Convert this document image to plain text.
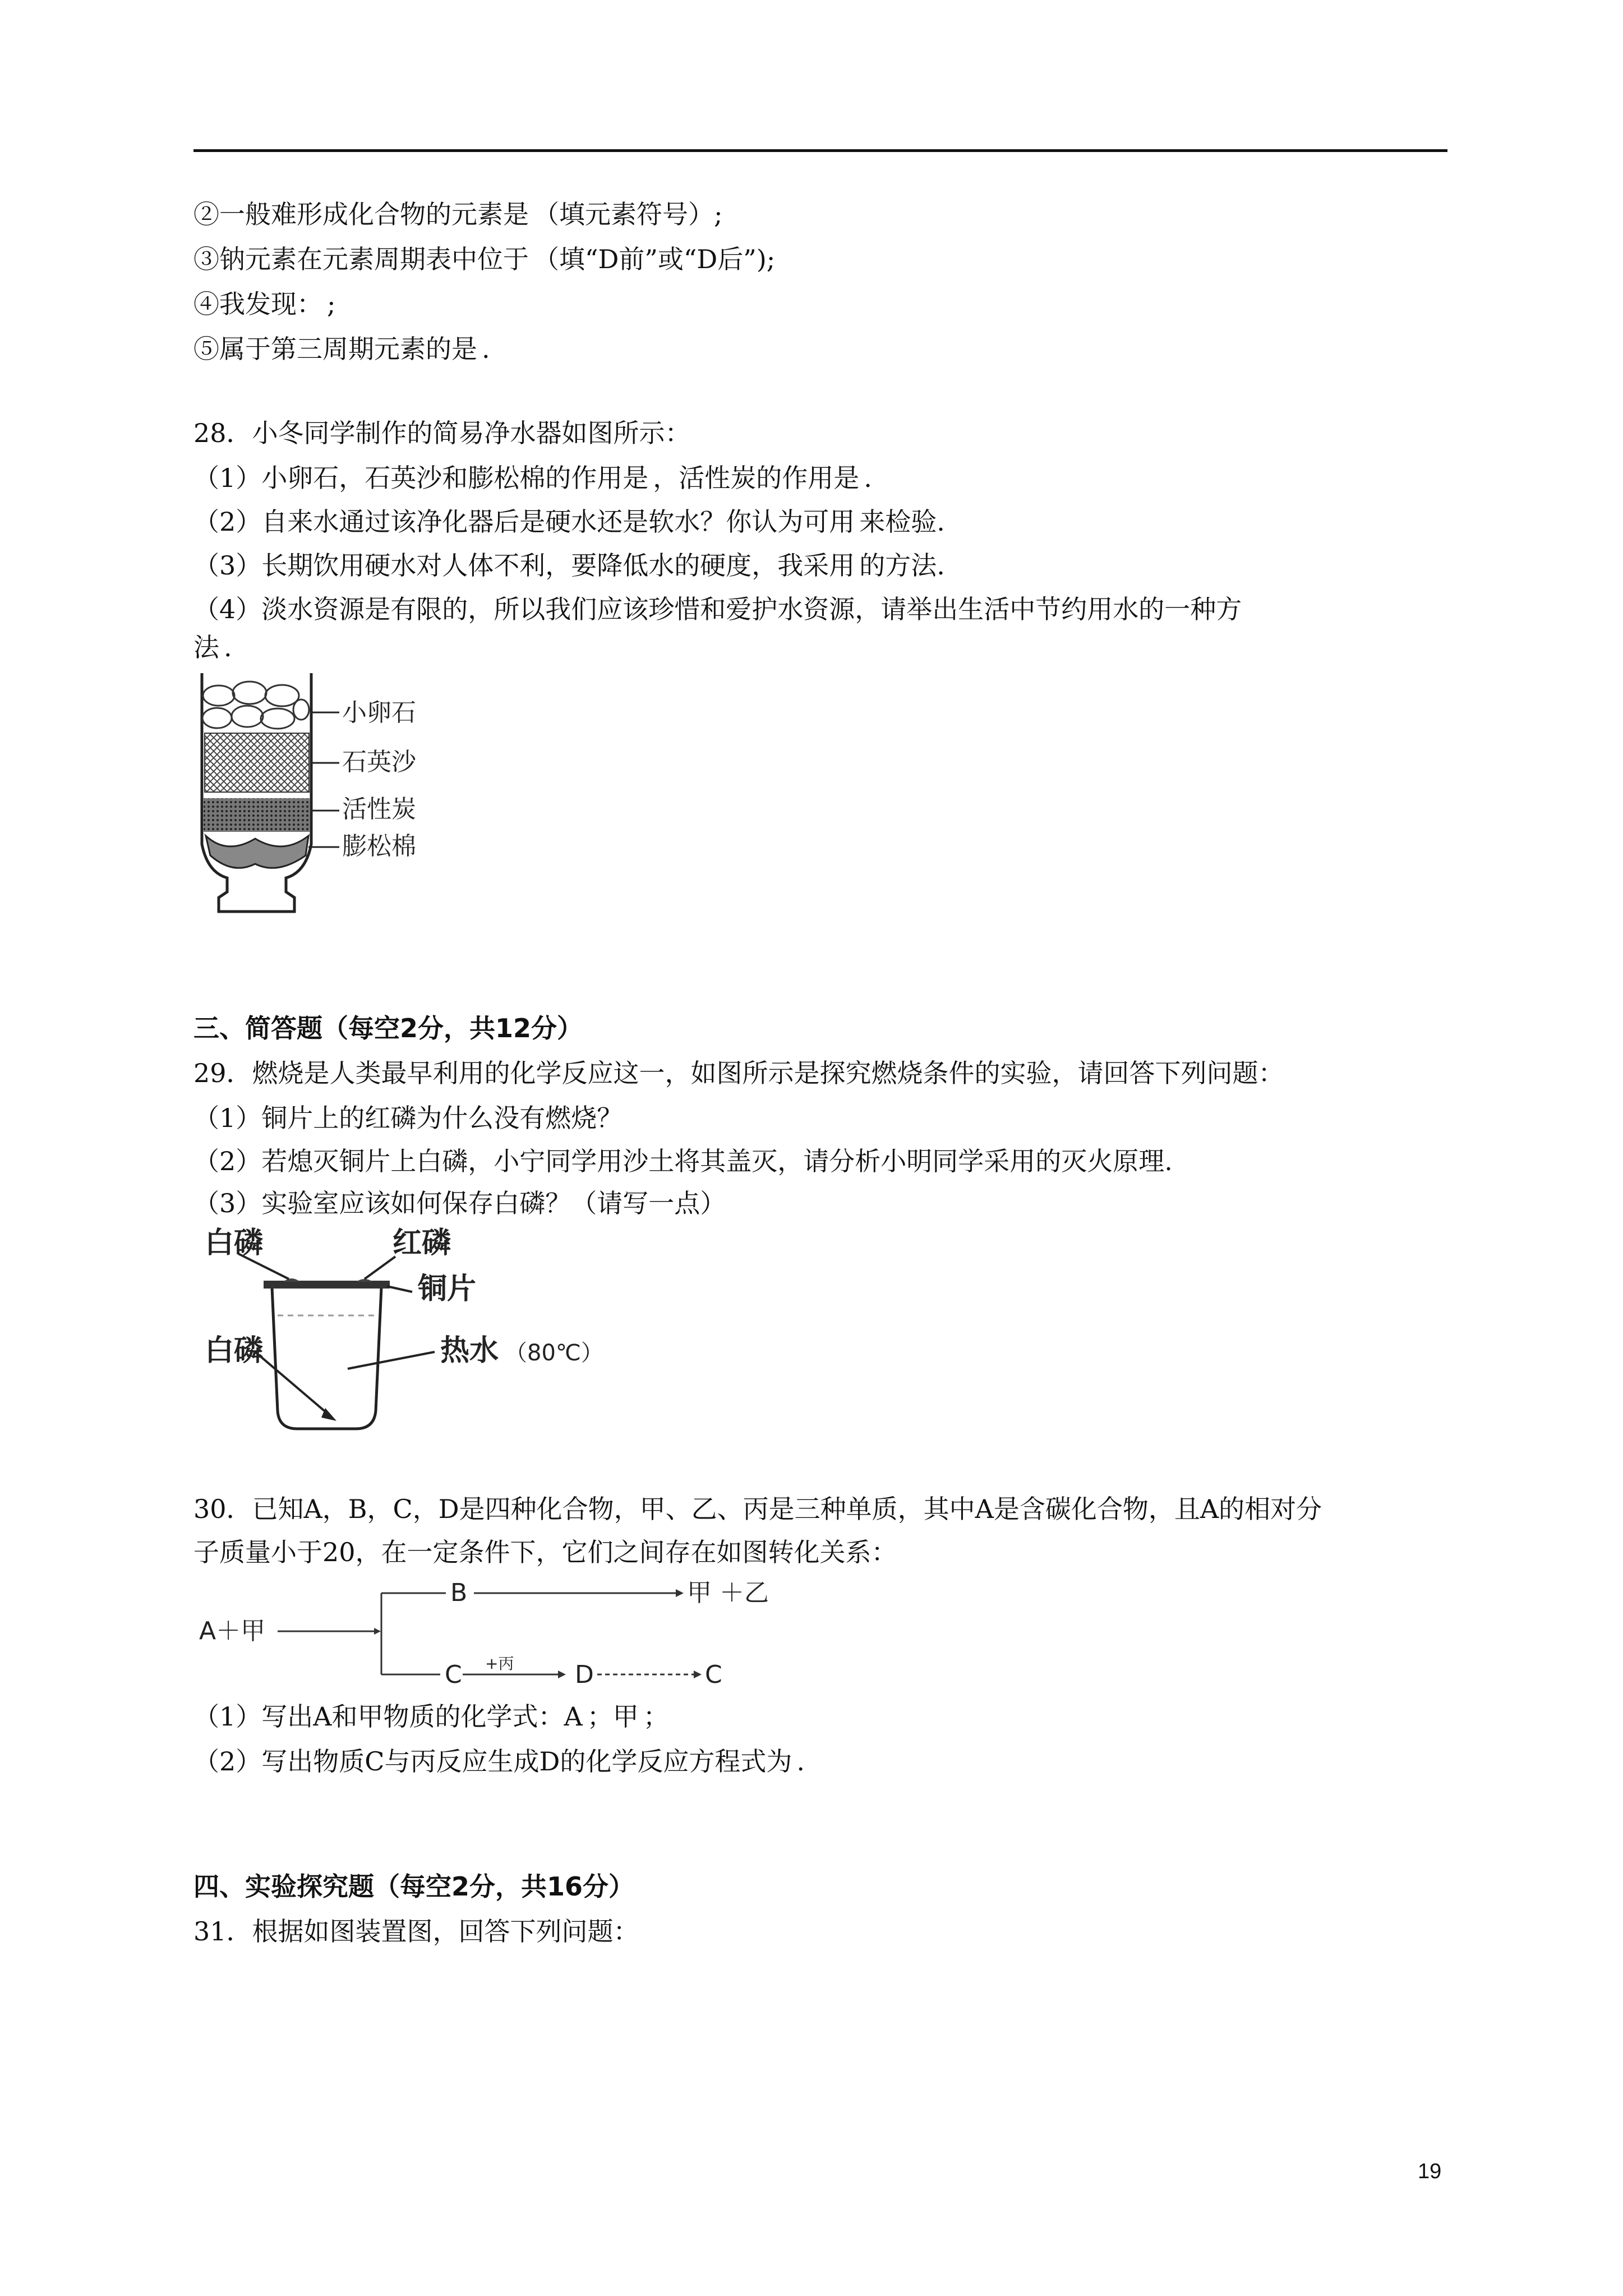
②一般难形成化合物的元素是 （填元素符号）;
③钠元素在元素周期表中位于 （填“D前”或“D后”);
④我发现： ;
⑤属于第三周期元素的是 .
28．小冬同学制作的简易净水器如图所示：
（1）小卵石，石英沙和膨松棉的作用是 ，活性炭的作用是 .
（2）自来水通过该净化器后是硬水还是软水？你认为可用 来检验.
（3）长期饮用硬水对人体不利，要降低水的硬度，我采用 的方法.
（4）淡水资源是有限的，所以我们应该珍惜和爱护水资源，请举出生活中节约用水的一种方
法 .
小卵石
石英沙
活性炭
膨松棉
三、简答题（每空2分，共12分）
29．燃烧是人类最早利用的化学反应这一，如图所示是探究燃烧条件的实验，请回答下列问题：
（1）铜片上的红磷为什么没有燃烧？
（2）若熄灭铜片上白磷，小宁同学用沙土将其盖灭，请分析小明同学采用的灭火原理.
（3）实验室应该如何保存白磷？（请写一点）
白磷	红磷
铜片
白磷	热水 （80℃）
30．已知A，B，C，D是四种化合物，甲、乙、丙是三种单质，其中A是含碳化合物，且A的相对分
子质量小于20，在一定条件下，它们之间存在如图转化关系：
A＋甲
B	甲 ＋乙
C +丙 D	C
（1）写出A和甲物质的化学式：A ；甲 ；
（2）写出物质C与丙反应生成D的化学反应方程式为 .
四、实验探究题（每空2分，共16分）
31．根据如图装置图，回答下列问题：
19
